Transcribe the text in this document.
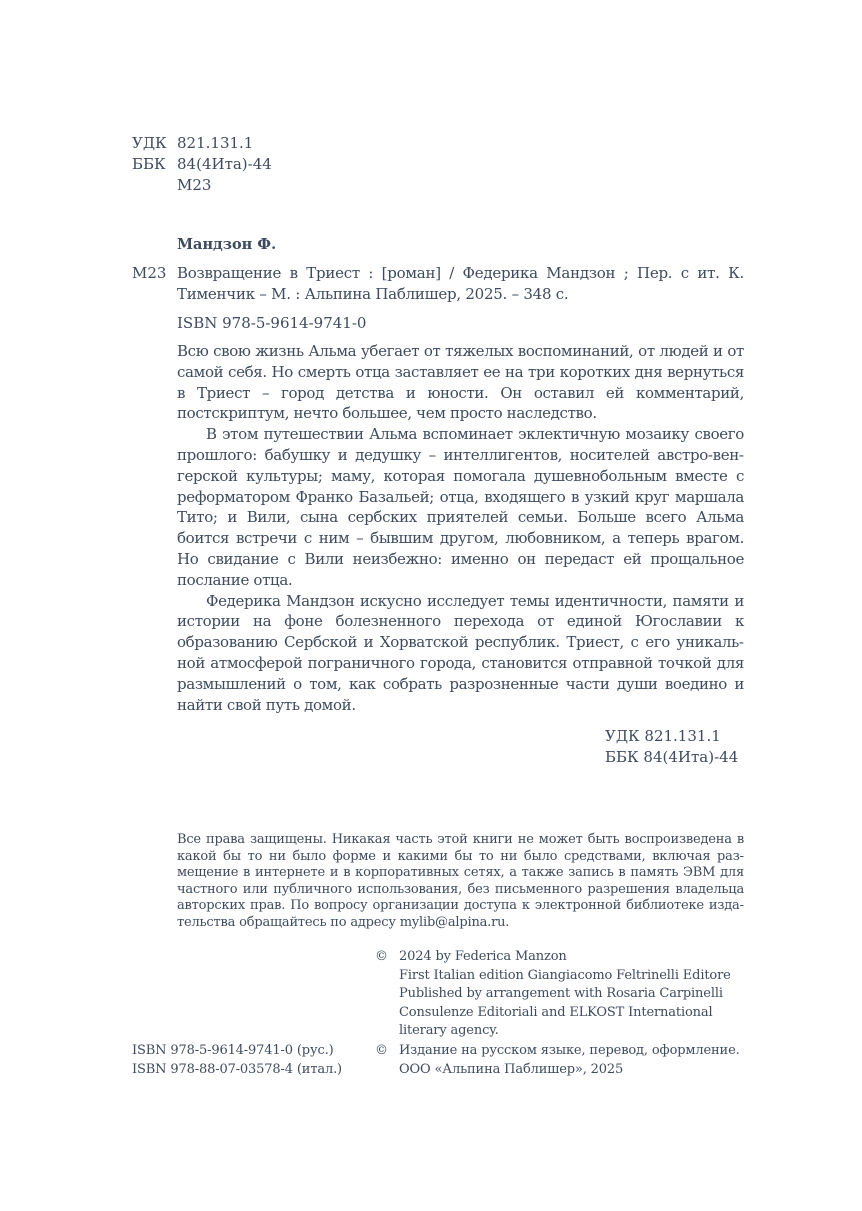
УДК 821.131.1
ББК 84(4Ита)-44
М23
Мандзон Ф.
М23 Возвращение в Триест : [роман] / Федерика Мандзон ; Пер. с ит. К. Тименчик – М. : Альпина Паблишер, 2025. – 348 с.
ISBN 978-5-9614-9741-0

Всю свою жизнь Альма убегает от тяжелых воспоминаний, от людей и от самой себя. Но смерть отца заставляет ее на три коротких дня вернуться в Триест – город детства и юности. Он оставил ей комментарий, постскриптум, нечто большее, чем просто наследство.

В этом путешествии Альма вспоминает эклектичную мозаику своего прошлого: бабушку и дедушку – интеллигентов, носителей австро-венгерской культуры; маму, которая помогала душевнобольным вместе с реформатором Франко Базальей; отца, входящего в узкий круг маршала Тито; и Вили, сына сербских приятелей семьи. Больше всего Альма боится встречи с ним – бывшим другом, любовником, а теперь врагом. Но свидание с Вили неизбежно: именно он передаст ей прощальное послание отца.

Федерика Мандзон искусно исследует темы идентичности, памяти и истории на фоне болезненного перехода от единой Югославии к образованию Сербской и Хорватской республик. Триест, с его уникальной атмосферой пограничного города, становится отправной точкой для размышлений о том, как собрать разрозненные части души воедино и найти свой путь домой.

УДК 821.131.1
ББК 84(4Ита)-44

Все права защищены. Никакая часть этой книги не может быть воспроизведена в какой бы то ни было форме и какими бы то ни было средствами, включая размещение в интернете и в корпоративных сетях, а также запись в память ЭВМ для частного или публичного использования, без письменного разрешения владельца авторских прав. По вопросу организации доступа к электронной библиотеке издательства обращайтесь по адресу mylib@alpina.ru.

© 2024 by Federica Manzon
First Italian edition Giangiacomo Feltrinelli Editore
Published by arrangement with Rosaria Carpinelli
Consulenze Editoriali and ELKOST International
literary agency.
ISBN 978-5-9614-9741-0 (рус.)
ISBN 978-88-07-03578-4 (итал.)
© Издание на русском языке, перевод, оформление.
ООО «Альпина Паблишер», 2025
